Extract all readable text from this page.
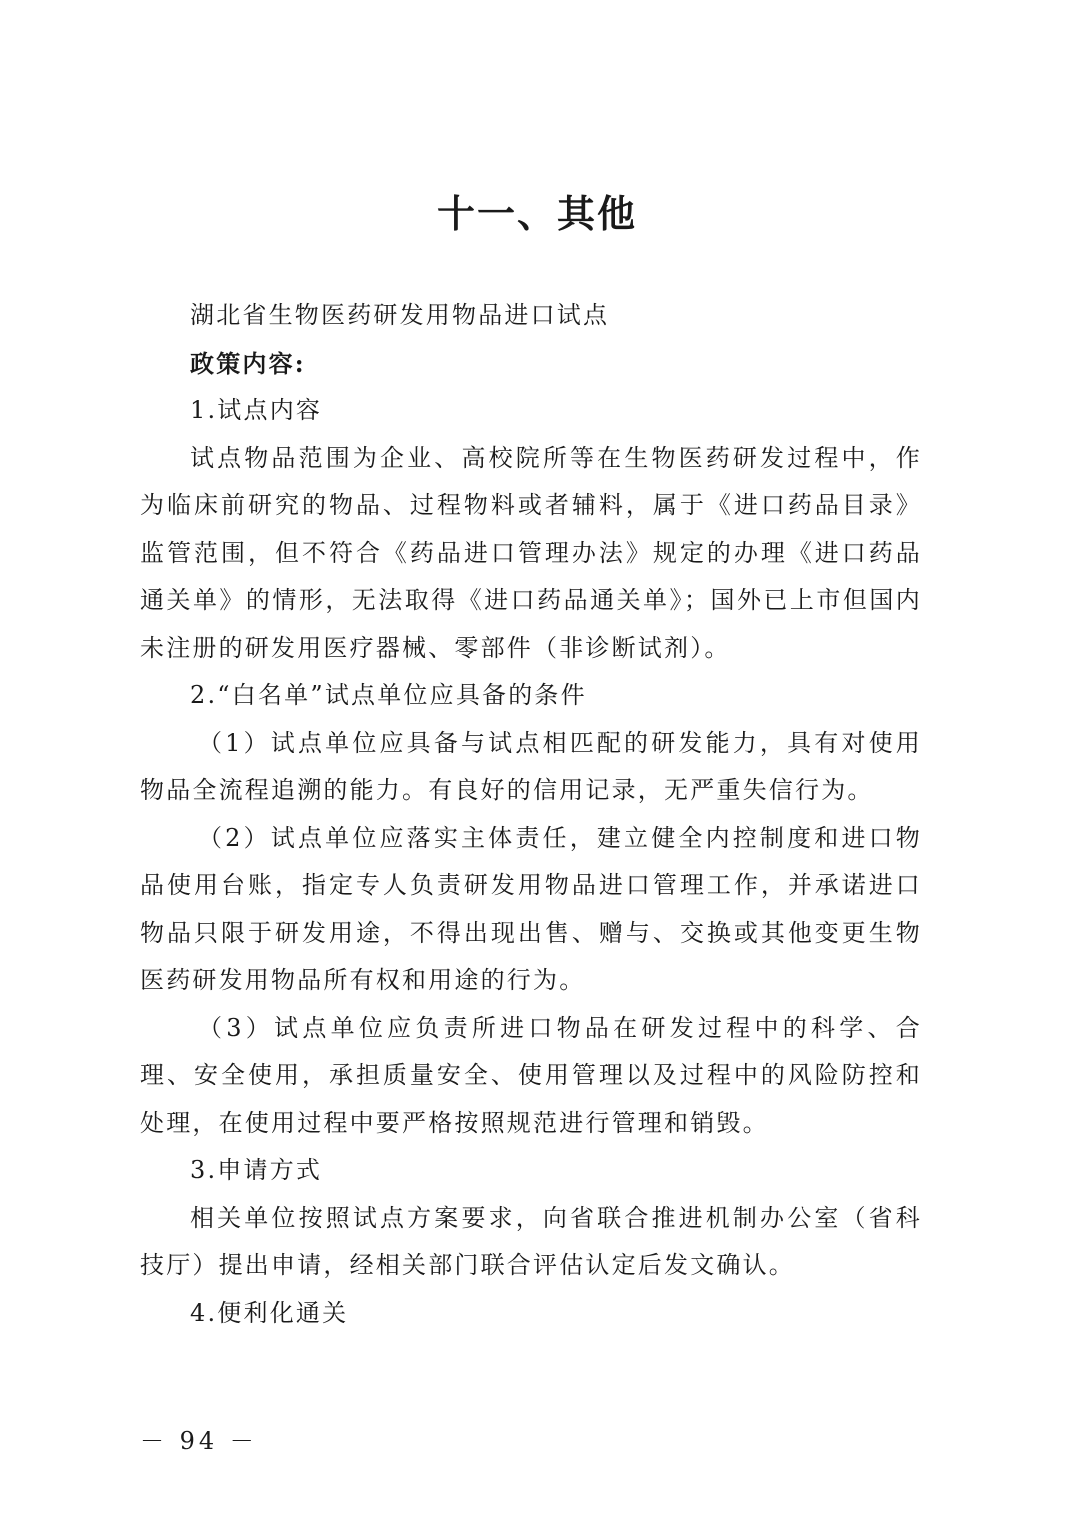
十一、其他

湖北省生物医药研发用物品进口试点

政策内容:

1.试点内容

试点物品范围为企业、高校院所等在生物医药研发过程中，作为临床前研究的物品、过程物料或者辅料，属于《进口药品目录》监管范围，但不符合《药品进口管理办法》规定的办理《进口药品通关单》的情形，无法取得《进口药品通关单》；国外已上市但国内未注册的研发用医疗器械、零部件（非诊断试剂）。

2.“白名单”试点单位应具备的条件

（1）试点单位应具备与试点相匹配的研发能力，具有对使用物品全流程追溯的能力。有良好的信用记录，无严重失信行为。

（2）试点单位应落实主体责任，建立健全内控制度和进口物品使用台账，指定专人负责研发用物品进口管理工作，并承诺进口物品只限于研发用途，不得出现出售、赠与、交换或其他变更生物医药研发用物品所有权和用途的行为。

（3）试点单位应负责所进口物品在研发过程中的科学、合理、安全使用，承担质量安全、使用管理以及过程中的风险防控和处理，在使用过程中要严格按照规范进行管理和销毁。

3.申请方式

相关单位按照试点方案要求，向省联合推进机制办公室（省科技厅）提出申请，经相关部门联合评估认定后发文确认。

4.便利化通关

－ 94 －
